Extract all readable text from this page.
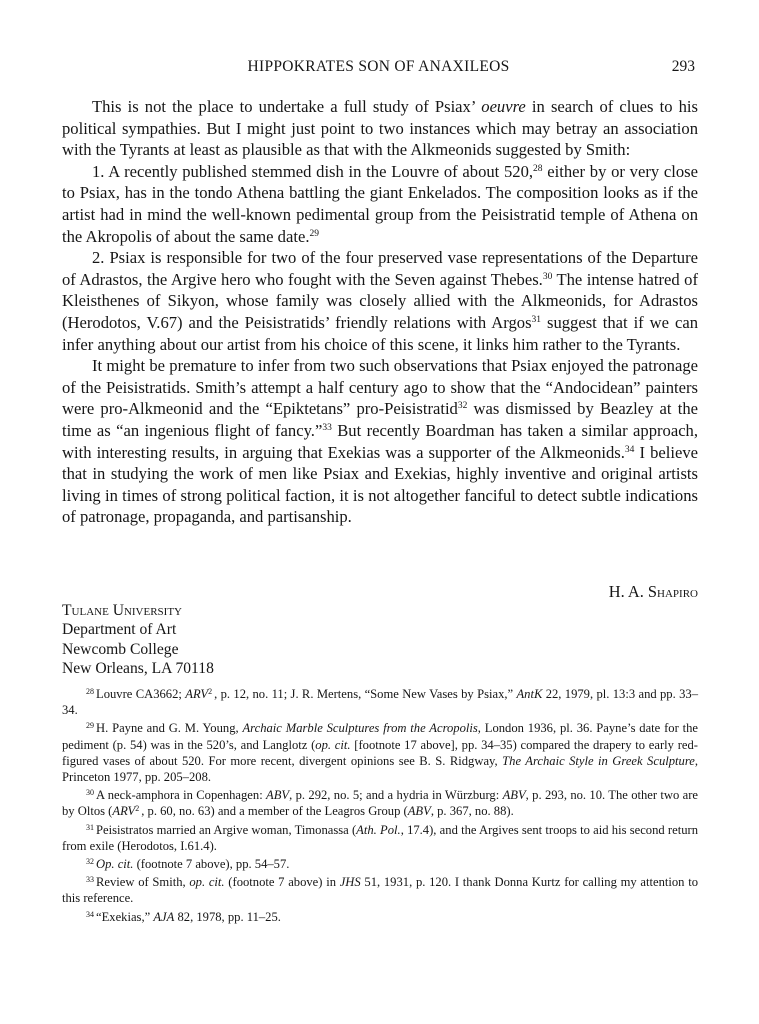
HIPPOKRATES SON OF ANAXILEOS	293

This is not the place to undertake a full study of Psiax’ oeuvre in search of clues to his political sympathies. But I might just point to two instances which may betray an association with the Tyrants at least as plausible as that with the Alkmeonids suggested by Smith:

1. A recently published stemmed dish in the Louvre of about 520,28 either by or very close to Psiax, has in the tondo Athena battling the giant Enkelados. The composition looks as if the artist had in mind the well-known pedimental group from the Peisistratid temple of Athena on the Akropolis of about the same date.$^{29}$

2. Psiax is responsible for two of the four preserved vase representations of the Departure of Adrastos, the Argive hero who fought with the Seven against Thebes.$^{30}$ The intense hatred of Kleisthenes of Sikyon, whose family was closely allied with the Alkmeonids, for Adrastos (Herodotos, V.67) and the Peisistratids’ friendly relations with Argos$^{31}$ suggest that if we can infer anything about our artist from his choice of this scene, it links him rather to the Tyrants.

It might be premature to infer from two such observations that Psiax enjoyed the patronage of the Peisistratids. Smith’s attempt a half century ago to show that the “Andocidean” painters were pro-Alkmeonid and the “Epiktetans” pro-Peisistratid$^{32}$ was dismissed by Beazley at the time as “an ingenious flight of fancy.”$^{33}$ But recently Boardman has taken a similar approach, with interesting results, in arguing that Exekias was a supporter of the Alkmeonids.$^{34}$ I believe that in studying the work of men like Psiax and Exekias, highly inventive and original artists living in times of strong political faction, it is not altogether fanciful to detect subtle indications of patronage, propaganda, and partisanship.

H. A. Shapiro
Tulane University
Department of Art
Newcomb College
New Orleans, LA 70118

$^{28}$ Louvre CA3662; ARV$^2$ , p. 12, no. 11; J. R. Mertens, “Some New Vases by Psiax,” AntK 22, 1979, pl. 13:3 and pp. 33–34.

$^{29}$ H. Payne and G. M. Young, Archaic Marble Sculptures from the Acropolis, London 1936, pl. 36. Payne’s date for the pediment (p. 54) was in the 520’s, and Langlotz (op. cit. [footnote 17 above], pp. 34–35) compared the drapery to early red-figured vases of about 520. For more recent, divergent opinions see B. S. Ridgway, The Archaic Style in Greek Sculpture, Princeton 1977, pp. 205–208.

$^{30}$ A neck-amphora in Copenhagen: ABV, p. 292, no. 5; and a hydria in Würzburg: ABV, p. 293, no. 10. The other two are by Oltos (ARV$^2$ , p. 60, no. 63) and a member of the Leagros Group (ABV, p. 367, no. 88).

$^{31}$ Peisistratos married an Argive woman, Timonassa (Ath. Pol., 17.4), and the Argives sent troops to aid his second return from exile (Herodotos, I.61.4).

$^{32}$ Op. cit. (footnote 7 above), pp. 54–57.

$^{33}$ Review of Smith, op. cit. (footnote 7 above) in JHS 51, 1931, p. 120. I thank Donna Kurtz for calling my attention to this reference.

$^{34}$ “Exekias,” AJA 82, 1978, pp. 11–25.
